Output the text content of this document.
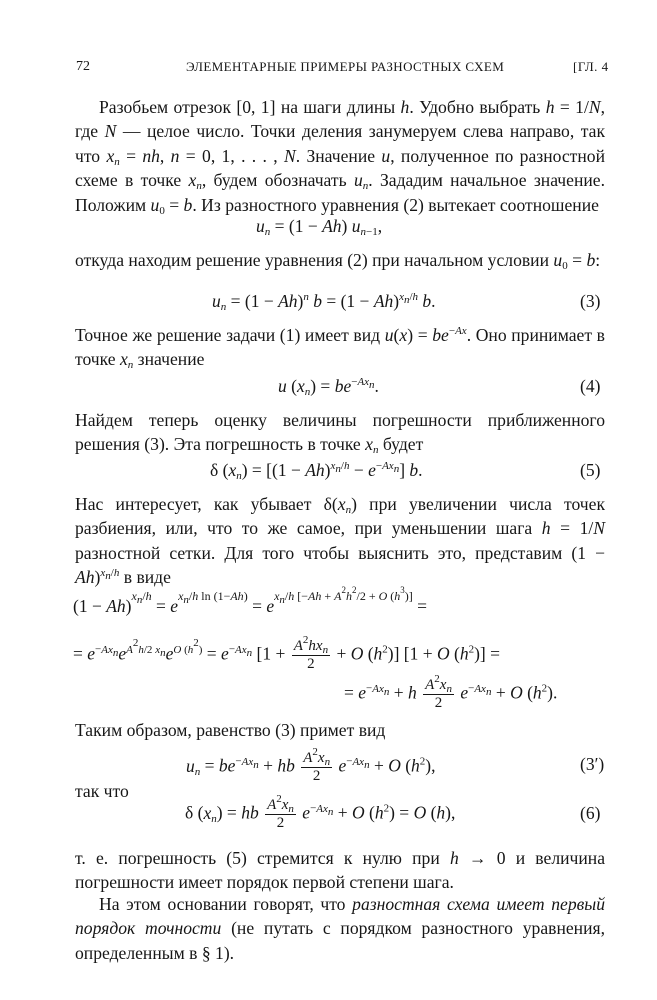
72	ЭЛЕМЕНТАРНЫЕ ПРИМЕРЫ РАЗНОСТНЫХ СХЕМ	[ГЛ. 4
Разобьем отрезок [0, 1] на шаги длины h. Удобно выбрать h = 1/N, где N — целое число. Точки деления занумеруем слева направо, так что $x_n$ = nh, n = 0, 1, . . . , N. Значение u, полученное по разностной схеме в точке $x_n$, будем обозначать $u_n$. Зададим начальное значение. Положим $u_0 = b$. Из разностного уравнения (2) вытекает соотношение
$u_n = (1 - Ah)$ $u_{n-1}$,
откуда находим решение уравнения (2) при начальном условии $u_0 = b$:
$u_n = (1 - Ah)^n$ $b = (1 - Ah)^{x_n/h}$ b.	(3)
Точное же решение задачи (1) имеет вид $u(x) = be^{-Ax}$. Оно принимает в точке $x_n$ значение
u $(x_n) = be^{-Ax_n}$.	(4)
Найдем теперь оценку величины погрешности приближенного решения (3). Эта погрешность в точке $x_n$ будет
δ $(x_n) = [(1 - Ah)^{x_n/h} - e^{-Ax_n}]$ b.	(5)
Нас интересует, как убывает $\delta(x_n)$ при увеличении числа точек разбиения, или, что то же самое, при уменьшении шага h = 1/N разностной сетки. Для того чтобы выяснить это, представим $(1 - Ah)^{x_n/h}$ в виде
$(1 - Ah)^{x_n/h} = e^{x_n/h ln (1-Ah)} = e^{x_n/h [-Ah + A^2h^2/2 + O (h^3)]}$ =
= $e^{-Ax_n}e^{A^2h/2 x_n}e^{O (h^2)} = e^{-Ax_n}$ [$1 + \frac{A^2hx_n}{2} + O$ $(h^2)$] [1 + O $(h^2)$] =
= $e^{-Ax_n} + h \frac{A^2x_n}{2} e^{-Ax_n} + O$ $(h^2)$.
Таким образом, равенство (3) примет вид
$u_n = be^{-Ax_n}$ + hb $\frac{A^2x_n}{2} e^{-Ax_n} + O$ $(h^2)$,	(3′)
так что
δ $(x_n)$ = hb $\frac{A^2x_n}{2} e^{-Ax_n} + O$ $(h^2) = O$ (h),	(6)
т. е. погрешность (5) стремится к нулю при h → 0 и величина погрешности имеет порядок первой степени шага.
На этом основании говорят, что разностная схема имеет первый порядок точности (не путать с порядком разностного уравнения, определенным в § 1).
